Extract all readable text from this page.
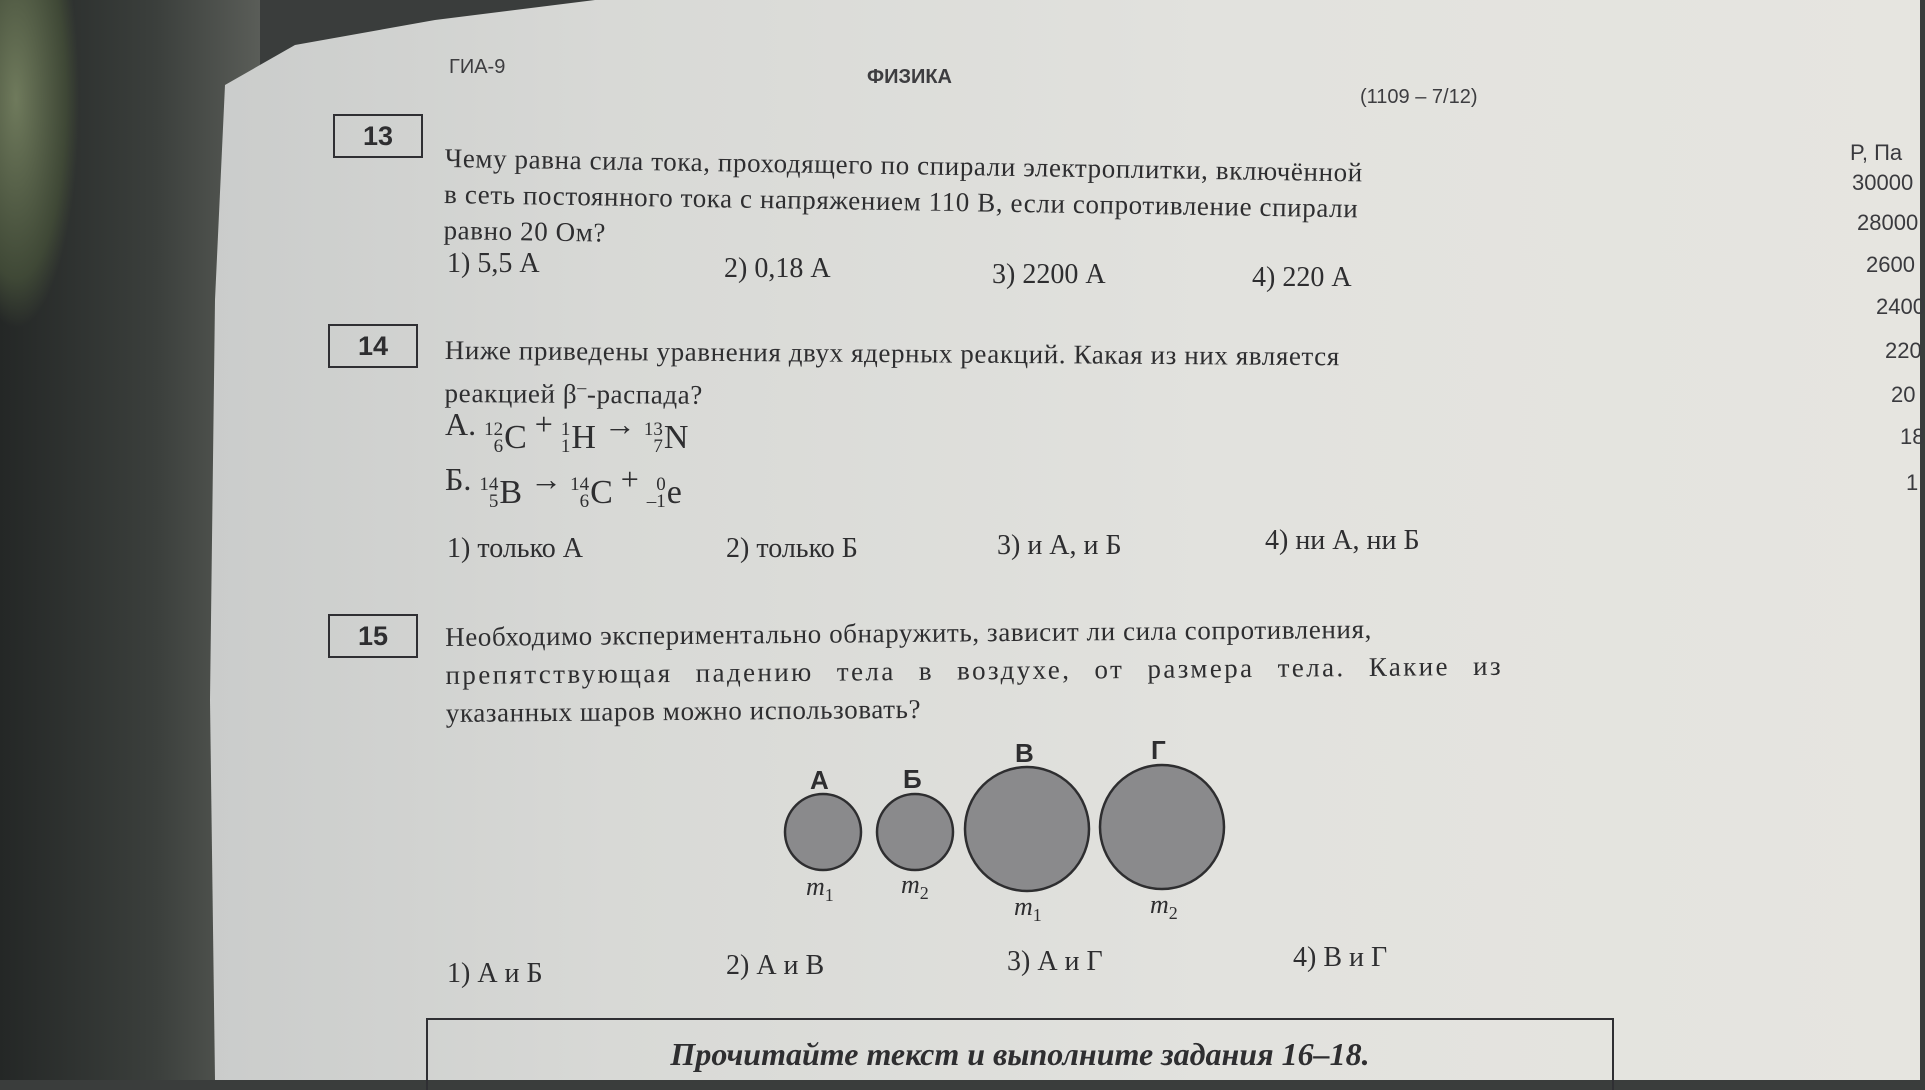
ГИА-9	ФИЗИКА
(1109 – 7/12)
13
Чему равна сила тока, проходящего по спирали электроплитки, включённой
в сеть постоянного тока с напряжением 110 В, если сопротивление спирали
равно 20 Ом?
1) 5,5 А	2) 0,18 А	3) 2200 А	4) 220 А
14 Ниже приведены уравнения двух ядерных реакций. Какая из них является
реакцией β–-распада?
А. 12
6 C + 1
1 H → 13
7 N
Б. 14
5 B → 14
6 C + 0
–1 e
1) только А	2) только Б	3) и А, и Б	4) ни А, ни Б
15 Необходимо экспериментально обнаружить, зависит ли сила сопротивления,
препятствующая падению тела в воздухе, от размера тела. Какие из
указанных шаров можно использовать?
А	Б
В	Г
$m_1$	$m_2$	$m_1$	$m_2$
1) А и Б	2) А и В	3) А и Г	4) В и Г
Прочитайте текст и выполните задания 16–18.
P, Па
30000
28000
2600
2400
220
20
18
1
